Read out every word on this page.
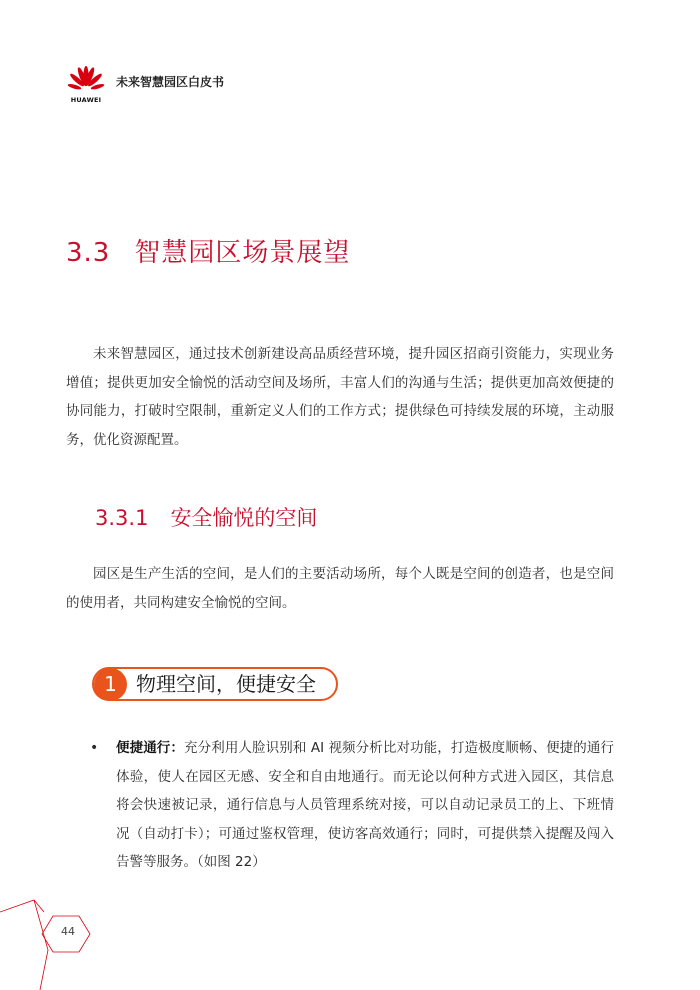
HUAWEI
未来智慧园区白皮书
3.3 智慧园区场景展望

未来智慧园区，通过技术创新建设高品质经营环境，提升园区招商引资能力，实现业务增值；提供更加安全愉悦的活动空间及场所，丰富人们的沟通与生活；提供更加高效便捷的协同能力，打破时空限制，重新定义人们的工作方式；提供绿色可持续发展的环境，主动服务，优化资源配置。

3.3.1 安全愉悦的空间

园区是生产生活的空间，是人们的主要活动场所，每个人既是空间的创造者，也是空间的使用者，共同构建安全愉悦的空间。

1 物理空间，便捷安全
• 便捷通行：充分利用人脸识别和 AI 视频分析比对功能，打造极度顺畅、便捷的通行体验，使人在园区无感、安全和自由地通行。而无论以何种方式进入园区，其信息将会快速被记录，通行信息与人员管理系统对接，可以自动记录员工的上、下班情况（自动打卡）；可通过鉴权管理，使访客高效通行；同时，可提供禁入提醒及闯入告警等服务。（如图 22）
44
